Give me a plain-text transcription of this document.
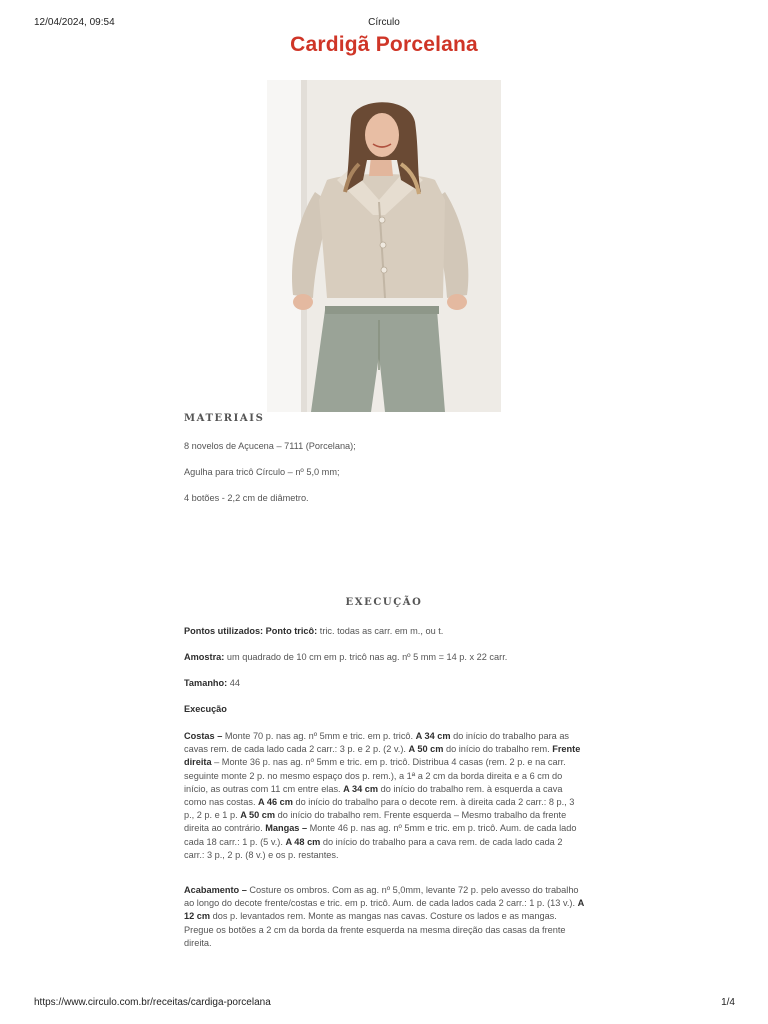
12/04/2024, 09:54	Círculo
Cardigã Porcelana
MATERIAIS
8 novelos de Açucena – 7111 (Porcelana);
Agulha para tricô Círculo – nº 5,0 mm;
4 botões - 2,2 cm de diâmetro.
EXECUÇÃO
Pontos utilizados: Ponto tricô: tric. todas as carr. em m., ou t.
Amostra: um quadrado de 10 cm em p. tricô nas ag. nº 5 mm = 14 p. x 22 carr.
Tamanho: 44
Execução
Costas – Monte 70 p. nas ag. nº 5mm e tric. em p. tricô. A 34 cm do início do trabalho para as cavas rem. de cada lado cada 2 carr.: 3 p. e 2 p. (2 v.). A 50 cm do início do trabalho rem. Frente direita – Monte 36 p. nas ag. nº 5mm e tric. em p. tricô. Distribua 4 casas (rem. 2 p. e na carr. seguinte monte 2 p. no mesmo espaço dos p. rem.), a 1ª a 2 cm da borda direita e a 6 cm do início, as outras com 11 cm entre elas. A 34 cm do início do trabalho rem. à esquerda a cava como nas costas. A 46 cm do início do trabalho para o decote rem. à direita cada 2 carr.: 8 p., 3 p., 2 p. e 1 p. A 50 cm do início do trabalho rem. Frente esquerda – Mesmo trabalho da frente direita ao contrário. Mangas – Monte 46 p. nas ag. nº 5mm e tric. em p. tricô. Aum. de cada lado cada 18 carr.: 1 p. (5 v.). A 48 cm do início do trabalho para a cava rem. de cada lado cada 2 carr.: 3 p., 2 p. (8 v.) e os p. restantes.
Acabamento – Costure os ombros. Com as ag. nº 5,0mm, levante 72 p. pelo avesso do trabalho ao longo do decote frente/costas e tric. em p. tricô. Aum. de cada lados cada 2 carr.: 1 p. (13 v.). A 12 cm dos p. levantados rem. Monte as mangas nas cavas. Costure os lados e as mangas. Pregue os botões a 2 cm da borda da frente esquerda na mesma direção das casas da frente direita.
https://www.circulo.com.br/receitas/cardiga-porcelana	1/4
